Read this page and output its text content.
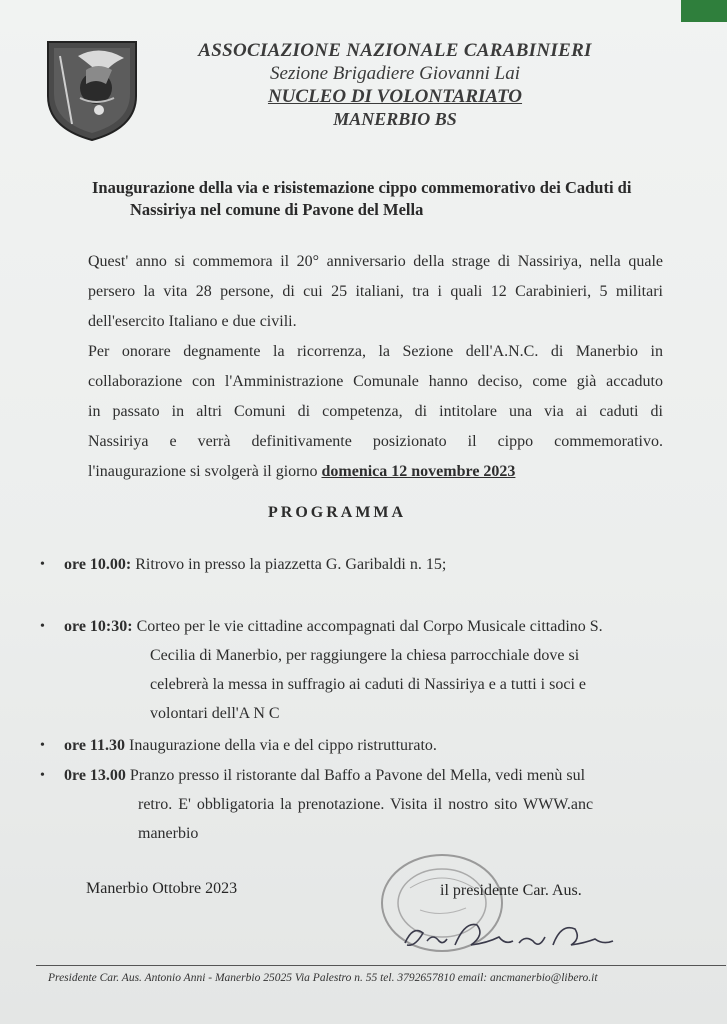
ASSOCIAZIONE NAZIONALE CARABINIERI
Sezione Brigadiere Giovanni Lai
NUCLEO DI VOLONTARIATO
MANERBIO BS
Inaugurazione della via e risistemazione cippo commemorativo dei Caduti di
Nassiriya nel comune di Pavone del Mella
Quest' anno si commemora il 20° anniversario della strage di Nassiriya, nella quale
persero la vita 28 persone, di cui 25 italiani, tra i quali 12 Carabinieri, 5 militari
dell'esercito Italiano e due civili.
Per onorare degnamente la ricorrenza, la Sezione dell'A.N.C. di Manerbio in
collaborazione con l'Amministrazione Comunale hanno deciso, come già accaduto
in passato in altri Comuni di competenza, di intitolare una via ai caduti di
Nassiriya e verrà definitivamente posizionato il cippo commemorativo.
l'inaugurazione si svolgerà il giorno domenica 12 novembre 2023
PROGRAMMA
•	ore 10.00: Ritrovo in presso la piazzetta G. Garibaldi n. 15;
•	ore 10:30: Corteo per le vie cittadine accompagnati dal Corpo Musicale cittadino S.
Cecilia di Manerbio, per raggiungere la chiesa parrocchiale dove si
celebrerà la messa in suffragio ai caduti di Nassiriya e a tutti i soci e
volontari dell'A N C
•	ore 11.30 Inaugurazione della via e del cippo ristrutturato.
•	0re 13.00 Pranzo presso il ristorante dal Baffo a Pavone del Mella, vedi menù sul
retro. E' obbligatoria la prenotazione. Visita il nostro sito WWW.anc
manerbio
Manerbio Ottobre 2023	il presidente Car. Aus.
Presidente Car. Aus. Antonio Anni - Manerbio 25025 Via Palestro n. 55 tel. 3792657810 email: ancmanerbio@libero.it
